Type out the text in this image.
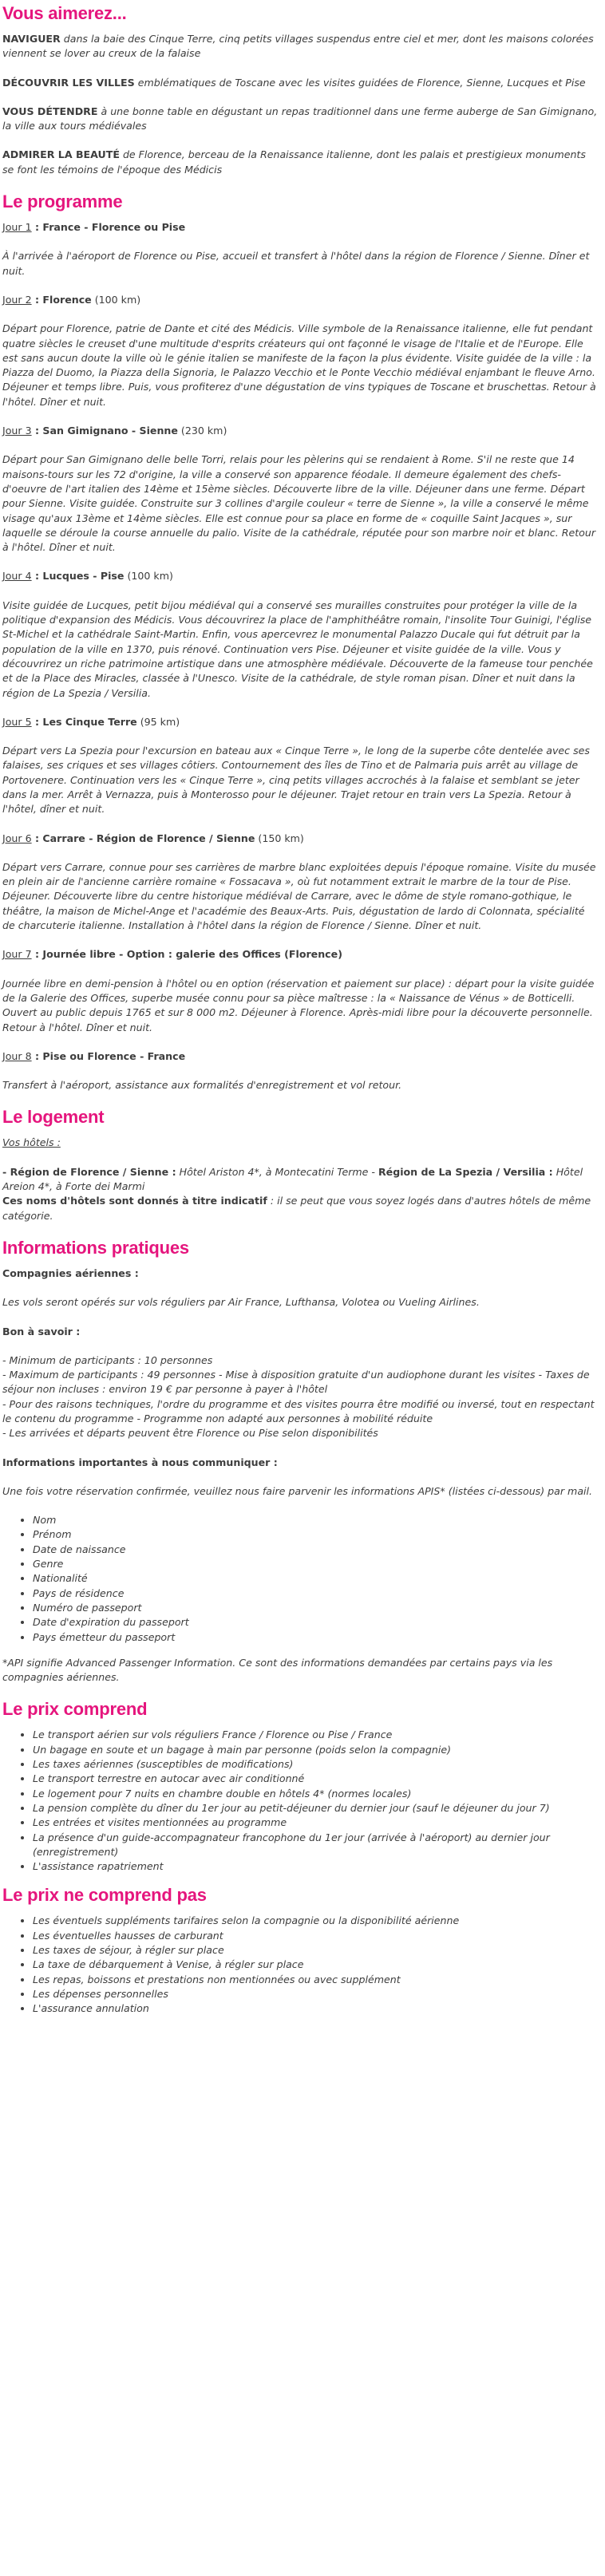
Vous aimerez...

NAVIGUER dans la baie des Cinque Terre, cinq petits villages suspendus entre ciel et mer, dont les maisons colorées viennent se lover au creux de la falaise

DÉCOUVRIR LES VILLES emblématiques de Toscane avec les visites guidées de Florence, Sienne, Lucques et Pise

VOUS DÉTENDRE à une bonne table en dégustant un repas traditionnel dans une ferme auberge de San Gimignano, la ville aux tours médiévales

ADMIRER LA BEAUTÉ de Florence, berceau de la Renaissance italienne, dont les palais et prestigieux monuments se font les témoins de l'époque des Médicis

Le programme
Jour 1 : France - Florence ou Pise

À l'arrivée à l'aéroport de Florence ou Pise, accueil et transfert à l'hôtel dans la région de Florence / Sienne. Dîner et nuit.

Jour 2 : Florence (100 km)

Départ pour Florence, patrie de Dante et cité des Médicis. Ville symbole de la Renaissance italienne, elle fut pendant quatre siècles le creuset d'une multitude d'esprits créateurs qui ont façonné le visage de l'Italie et de l'Europe. Elle est sans aucun doute la ville où le génie italien se manifeste de la façon la plus évidente. Visite guidée de la ville : la Piazza del Duomo, la Piazza della Signoria, le Palazzo Vecchio et le Ponte Vecchio médiéval enjambant le fleuve Arno. Déjeuner et temps libre. Puis, vous profiterez d'une dégustation de vins typiques de Toscane et bruschettas. Retour à l'hôtel. Dîner et nuit.

Jour 3 : San Gimignano - Sienne (230 km)

Départ pour San Gimignano delle belle Torri, relais pour les pèlerins qui se rendaient à Rome. S'il ne reste que 14 maisons-tours sur les 72 d'origine, la ville a conservé son apparence féodale. Il demeure également des chefs-d'oeuvre de l'art italien des 14ème et 15ème siècles. Découverte libre de la ville. Déjeuner dans une ferme. Départ pour Sienne. Visite guidée. Construite sur 3 collines d'argile couleur « terre de Sienne », la ville a conservé le même visage qu'aux 13ème et 14ème siècles. Elle est connue pour sa place en forme de « coquille Saint Jacques », sur laquelle se déroule la course annuelle du palio. Visite de la cathédrale, réputée pour son marbre noir et blanc. Retour à l'hôtel. Dîner et nuit.

Jour 4 : Lucques - Pise (100 km)

Visite guidée de Lucques, petit bijou médiéval qui a conservé ses murailles construites pour protéger la ville de la politique d'expansion des Médicis. Vous découvrirez la place de l'amphithéâtre romain, l'insolite Tour Guinigi, l'église St-Michel et la cathédrale Saint-Martin. Enfin, vous apercevrez le monumental Palazzo Ducale qui fut détruit par la population de la ville en 1370, puis rénové. Continuation vers Pise. Déjeuner et visite guidée de la ville. Vous y découvrirez un riche patrimoine artistique dans une atmosphère médiévale. Découverte de la fameuse tour penchée et de la Place des Miracles, classée à l'Unesco. Visite de la cathédrale, de style roman pisan. Dîner et nuit dans la région de La Spezia / Versilia.

Jour 5 : Les Cinque Terre (95 km)

Départ vers La Spezia pour l'excursion en bateau aux « Cinque Terre », le long de la superbe côte dentelée avec ses falaises, ses criques et ses villages côtiers. Contournement des îles de Tino et de Palmaria puis arrêt au village de Portovenere. Continuation vers les « Cinque Terre », cinq petits villages accrochés à la falaise et semblant se jeter dans la mer. Arrêt à Vernazza, puis à Monterosso pour le déjeuner. Trajet retour en train vers La Spezia. Retour à l'hôtel, dîner et nuit.

Jour 6 : Carrare - Région de Florence / Sienne (150 km)

Départ vers Carrare, connue pour ses carrières de marbre blanc exploitées depuis l'époque romaine. Visite du musée en plein air de l'ancienne carrière romaine « Fossacava », où fut notamment extrait le marbre de la tour de Pise. Déjeuner. Découverte libre du centre historique médiéval de Carrare, avec le dôme de style romano-gothique, le théâtre, la maison de Michel-Ange et l'académie des Beaux-Arts. Puis, dégustation de lardo di Colonnata, spécialité de charcuterie italienne. Installation à l'hôtel dans la région de Florence / Sienne. Dîner et nuit.

Jour 7 : Journée libre - Option : galerie des Offices (Florence)

Journée libre en demi-pension à l'hôtel ou en option (réservation et paiement sur place) : départ pour la visite guidée de la Galerie des Offices, superbe musée connu pour sa pièce maîtresse : la « Naissance de Vénus » de Botticelli. Ouvert au public depuis 1765 et sur 8 000 m2. Déjeuner à Florence. Après-midi libre pour la découverte personnelle. Retour à l'hôtel. Dîner et nuit.

Jour 8 : Pise ou Florence - France

Transfert à l'aéroport, assistance aux formalités d'enregistrement et vol retour.

Le logement
Vos hôtels :

- Région de Florence / Sienne : Hôtel Ariston 4*, à Montecatini Terme - Région de La Spezia / Versilia : Hôtel Areion 4*, à Forte dei Marmi

Ces noms d'hôtels sont donnés à titre indicatif : il se peut que vous soyez logés dans d'autres hôtels de même catégorie.

Informations pratiques
Compagnies aériennes :

Les vols seront opérés sur vols réguliers par Air France, Lufthansa, Volotea ou Vueling Airlines.

Bon à savoir :

- Minimum de participants : 10 personnes
- Maximum de participants : 49 personnes - Mise à disposition gratuite d'un audiophone durant les visites - Taxes de séjour non incluses : environ 19 € par personne à payer à l'hôtel
- Pour des raisons techniques, l'ordre du programme et des visites pourra être modifié ou inversé, tout en respectant le contenu du programme - Programme non adapté aux personnes à mobilité réduite
- Les arrivées et départs peuvent être Florence ou Pise selon disponibilités

Informations importantes à nous communiquer :

Une fois votre réservation confirmée, veuillez nous faire parvenir les informations APIS* (listées ci-dessous) par mail.

• Nom
• Prénom
• Date de naissance
• Genre
• Nationalité
• Pays de résidence
• Numéro de passeport
• Date d'expiration du passeport
• Pays émetteur du passeport

*API signifie Advanced Passenger Information. Ce sont des informations demandées par certains pays via les compagnies aériennes.

Le prix comprend
• Le transport aérien sur vols réguliers France / Florence ou Pise / France
• Un bagage en soute et un bagage à main par personne (poids selon la compagnie)
• Les taxes aériennes (susceptibles de modifications)
• Le transport terrestre en autocar avec air conditionné
• Le logement pour 7 nuits en chambre double en hôtels 4* (normes locales)
• La pension complète du dîner du 1er jour au petit-déjeuner du dernier jour (sauf le déjeuner du jour 7)
• Les entrées et visites mentionnées au programme
• La présence d'un guide-accompagnateur francophone du 1er jour (arrivée à l'aéroport) au dernier jour (enregistrement)
• L'assistance rapatriement
Le prix ne comprend pas
• Les éventuels suppléments tarifaires selon la compagnie ou la disponibilité aérienne
• Les éventuelles hausses de carburant
• Les taxes de séjour, à régler sur place
• La taxe de débarquement à Venise, à régler sur place
• Les repas, boissons et prestations non mentionnées ou avec supplément
• Les dépenses personnelles
• L'assurance annulation
